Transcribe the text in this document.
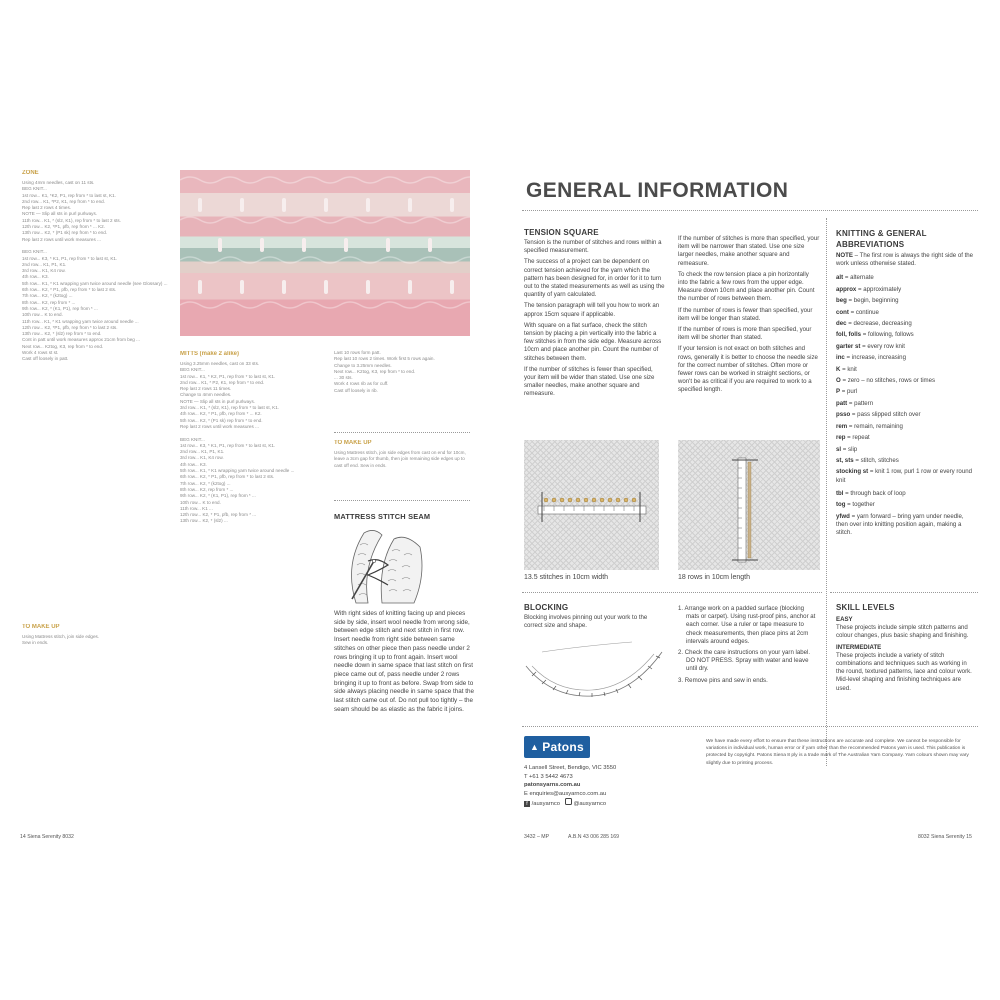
ZONE
Using 4mm needles, cast on 11 sts.
BEG KNIT...
1st row... K1, *K2, P1, rep from * to last st, K1.
2nd row... K1, *P2, K1, rep from * to end.
Rep last 2 rows 4 times.
NOTE — Slip all sts in purl purlways.
11th row... K1, * (sl2, K1), rep from * to last 2 sts.
12th row... K2, *P1, pfb, rep from * ... K2.
13th row... K2, * (P1 sk) rep from * to end.
Rep last 2 rows until work measures ...

BEG KNIT...
1st row... K3, * K1, P1, rep from * to last st, K1.
2nd row... K1, P1, K1.
3rd row... K1, K4 row.
4th row... K3.
5th row... K1, * K1 wrapping yarn twice around needle (see Glossary) ...
6th row... K2, * P1, pfb, rep from * to last 2 sts.
7th row... K2, * (k2tog) ...
8th row... K2, rep from * ...
9th row... K2, * (K1, P1), rep from * ...
10th row... K to end.
11th row... K1, * K1 wrapping yarn twice around needle ...
12th row... K2, *P1, pfb, rep from * to last 2 sts.
13th row... K2, * (sl2) rep from * to end.
Cont in patt until work measures approx 21cm from beg ...
Next row... K2tog, K3, rep from * to end.
Work 4 rows st st.
Cast off loosely in patt.
TO MAKE UP
Using Mattress stitch, join side edges.
Sew in ends.
MITTS (make 2 alike)
Using 3.25mm needles, cast on 33 sts.
BEG KNIT...
1st row... K1, * K2, P1, rep from * to last st, K1.
2nd row... K1, * P2, K1, rep from * to end.
Rep last 2 rows 11 times.
Change to 4mm needles.
NOTE — Slip all sts in purl purlways.
3rd row... K1, * (sl2, K1), rep from * to last st, K1.
4th row... K2, * P1, pfb, rep from * ... K2.
5th row... K2, * (P1 sk) rep from * to end.
Rep last 2 rows until work measures ...

BEG KNIT...
1st row... K3, * K1, P1, rep from * to last st, K1.
2nd row... K1, P1, K1.
3rd row... K1, K4 row.
4th row... K3.
5th row... K1, * K1 wrapping yarn twice around needle ...
6th row... K2, * P1, pfb, rep from * to last 2 sts.
7th row... K2, * (k2tog) ...
8th row... K2, rep from * ...
9th row... K2, * (K1, P1), rep from * ...
10th row... K to end.
11th row... K1 ...
12th row... K2, * P1, pfb, rep from * ...
13th row... K2, * (sl2) ...
Last 10 rows form patt.
Rep last 10 rows 2 times. Work first 5 rows again.
Change to 3.25mm needles.
Next row... K2tog, K3, rep from * to end.
... 30 sts.
Work 4 rows rib as for cuff.
Cast off loosely in rib.
TO MAKE UP
Using Mattress stitch, join side edges from cast on end for 10cm, leave a 3cm gap for thumb, then join remaining side edges up to cast off end. Sew in ends.
MATTRESS STITCH SEAM
With right sides of knitting facing up and pieces side by side, insert wool needle from wrong side, between edge stitch and next stitch in first row. Insert needle from right side between same stitches on other piece then pass needle under 2 rows bringing it up to front again. Insert wool needle down in same space that last stitch on first piece came out of, pass needle under 2 rows bringing it up to front as before. Swap from side to side always placing needle in same space that the last stitch came out of. Do not pull too tightly – the seam should be as elastic as the fabric it joins.
14 Siena Serenity 8032
GENERAL INFORMATION
TENSION SQUARE

Tension is the number of stitches and rows within a specified measurement.

The success of a project can be dependent on correct tension achieved for the yarn which the pattern has been designed for, in order for it to turn out to the stated measurements as well as using the quantity of yarn calculated.

The tension paragraph will tell you how to work an approx 15cm square if applicable.

With square on a flat surface, check the stitch tension by placing a pin vertically into the fabric a few stitches in from the side edge. Measure across 10cm and place another pin. Count the number of stitches between them.

If the number of stitches is fewer than specified, your item will be wider than stated. Use one size smaller needles, make another square and remeasure.

If the number of stitches is more than specified, your item will be narrower than stated. Use one size larger needles, make another square and remeasure.

To check the row tension place a pin horizontally into the fabric a few rows from the upper edge. Measure down 10cm and place another pin. Count the number of rows between them.

If the number of rows is fewer than specified, your item will be longer than stated.

If the number of rows is more than specified, your item will be shorter than stated.

If your tension is not exact on both stitches and rows, generally it is better to choose the needle size for the correct number of stitches. Often more or fewer rows can be worked in straight sections, or won't be as critical if you are required to work to a specified length.

13.5 stitches in 10cm width	18 rows in 10cm length
KNITTING & GENERAL ABBREVIATIONS
NOTE – The first row is always the right side of the work unless otherwise stated.
alt = alternate
approx = approximately
beg = begin, beginning
cont = continue
dec = decrease, decreasing
foll, folls = following, follows
garter st = every row knit
inc = increase, increasing
K = knit
O = zero – no stitches, rows or times
P = purl
patt = pattern
psso = pass slipped stitch over
rem = remain, remaining
rep = repeat
sl = slip
st, sts = stitch, stitches
stocking st = knit 1 row, purl 1 row or every round knit
tbl = through back of loop
tog = together
yfwd = yarn forward – bring yarn under needle, then over into knitting position again, making a stitch.
BLOCKING
Blocking involves pinning out your work to the correct size and shape.

1. Arrange work on a padded surface (blocking mats or carpet). Using rust-proof pins, anchor at each corner. Use a ruler or tape measure to check measurements, then place pins at 2cm intervals around edges.

2. Check the care instructions on your yarn label. DO NOT PRESS. Spray with water and leave until dry.

3. Remove pins and sew in ends.

SKILL LEVELS
EASY

These projects include simple stitch patterns and colour changes, plus basic shaping and finishing.

INTERMEDIATE

These projects include a variety of stitch combinations and techniques such as working in the round, textured patterns, lace and colour work. Mid-level shaping and finishing techniques are used.

▲ Patons
4 Lansell Street, Bendigo, VIC 3550
T +61 3 5442 4673
patonsyarns.com.au
E enquiries@ausyarnco.com.au
f /ausyarnco @ausyarnco
We have made every effort to ensure that these instructions are accurate and complete. We cannot be responsible for variations in individual work, human error or if yarn other than the recommended Patons yarn is used. This publication is protected by copyright. Patons Siena 8 ply is a trade mark of The Australian Yarn Company. Yarn colours shown may vary slightly due to printing process.
3432 – MP	A.B.N 43 006 285 169	8032 Siena Serenity 15
